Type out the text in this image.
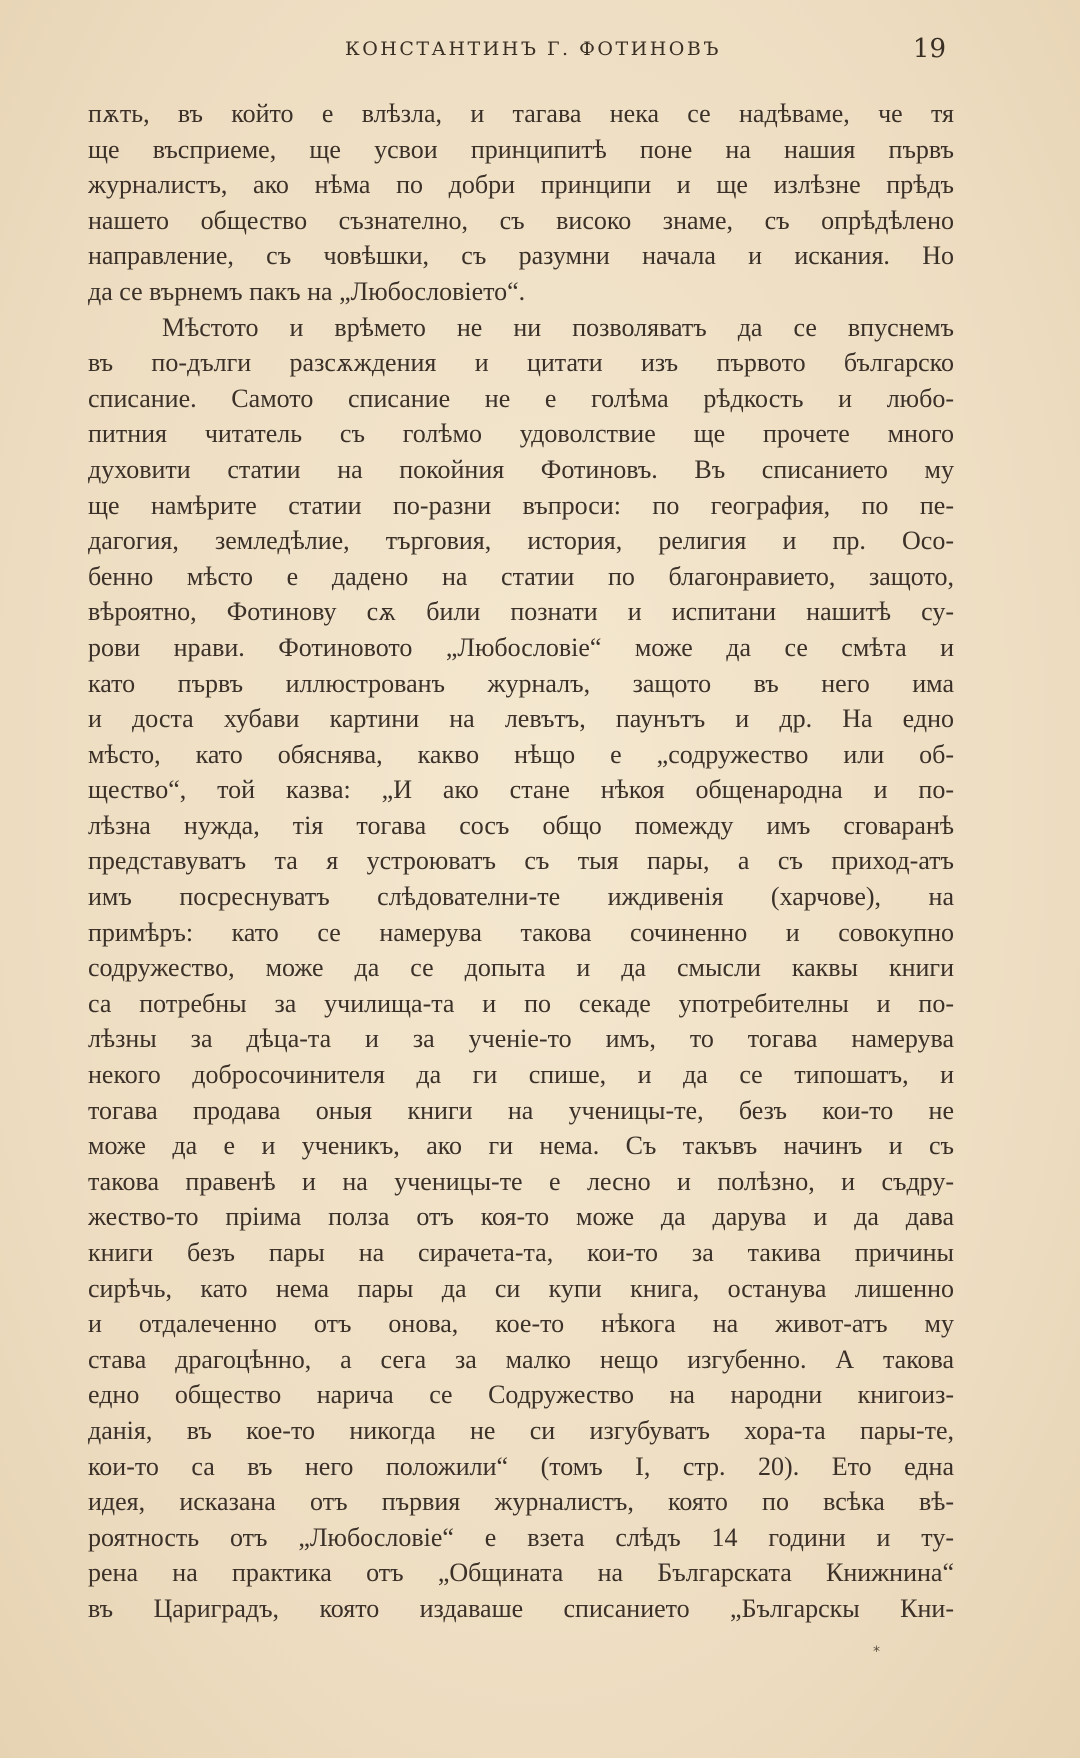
КОНСТАНТИНЪ Г. ФОТИНОВЪ	19
пѫть, въ който е влѣзла, и тагава нека се надѣваме, че тя
ще въсприеме, ще усвои принципитѣ поне на нашия първъ
журналистъ, ако нѣма по добри принципи и ще излѣзне прѣдъ
нашето общество съзнателно, съ високо знаме, съ опрѣдѣлено
направление, съ човѣшки, съ разумни начала и искания. Но
да се върнемъ пакъ на „Любословіето“.
Мѣстото и врѣмето не ни позволяватъ да се впуснемъ
въ по-дълги разсѫждения и цитати изъ първото българско
списание. Самото списание не е голѣма рѣдкость и любо-
питния читатель съ голѣмо удоволствие ще прочете много
духовити статии на покойния Фотиновъ. Въ списанието му
ще намѣрите статии по-разни въпроси: по география, по пе-
дагогия, земледѣлие, търговия, история, религия и пр. Осо-
бенно мѣсто е дадено на статии по благонравието, защото,
вѣроятно, Фотинову сѫ били познати и испитани нашитѣ су-
рови нрави. Фотиновото „Любословіе“ може да се смѣта и
като първъ иллюстрованъ журналъ, защото въ него има
и доста хубави картини на левътъ, паунътъ и др. На едно
мѣсто, като обяснява, какво нѣщо е „содружество или об-
щество“, той казва: „И ако стане нѣкоя общенародна и по-
лѣзна нужда, тія тогава сосъ общо помежду имъ сговаранѣ
представуватъ та я устроюватъ съ тыя пары, а съ приход-атъ
имъ посреснуватъ слѣдователни-те иждивенія (харчове), на
примѣръ: като се намерува такова сочиненно и совокупно
содружество, може да се допыта и да смысли каквы книги
са потребны за училища-та и по секаде употребителны и по-
лѣзны за дѣца-та и за ученіе-то имъ, то тогава намерува
некого добросочинителя да ги спише, и да се типошатъ, и
тогава продава оныя книги на ученицы-те, безъ кои-то не
може да е и ученикъ, ако ги нема. Съ такъвъ начинъ и съ
такова правенѣ и на ученицы-те е лесно и полѣзно, и съдру-
жество-то пріима полза отъ коя-то може да дарува и да дава
книги безъ пары на сирачета-та, кои-то за такива причины
сирѣчь, като нема пары да си купи книга, останува лишенно
и отдалеченно отъ онова, кое-то нѣкога на живот-атъ му
става драгоцѣнно, а сега за малко нещо изгубенно. А такова
едно общество нарича се Содружество на народни книгоиз-
данія, въ кое-то никогда не си изгубуватъ хора-та пары-те,
кои-то са въ него положили“ (томъ I, стр. 20). Ето една
идея, исказана отъ първия журналистъ, която по всѣка вѣ-
роятность отъ „Любословіе“ е взета слѣдъ 14 години и ту-
рена на практика отъ „Общината на Българската Книжнина“
въ Цариградъ, която издаваше списанието „Българскы Кни-
*
